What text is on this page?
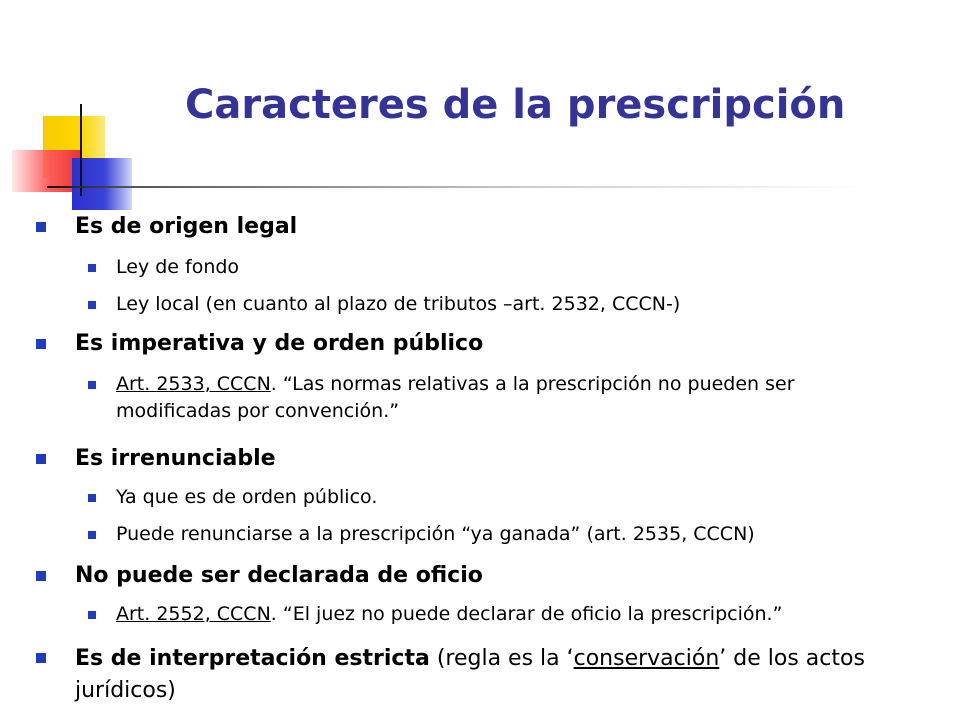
Caracteres de la prescripción
Es de origen legal
Ley de fondo
Ley local (en cuanto al plazo de tributos –art. 2532, CCCN-)
Es imperativa y de orden público
Art. 2533, CCCN. “Las normas relativas a la prescripción no pueden ser
modificadas por convención.”
Es irrenunciable
Ya que es de orden público.
Puede renunciarse a la prescripción “ya ganada” (art. 2535, CCCN)
No puede ser declarada de oficio
Art. 2552, CCCN. “El juez no puede declarar de oficio la prescripción.”
Es de interpretación estricta (regla es la ‘conservación’ de los actos jurídicos)
